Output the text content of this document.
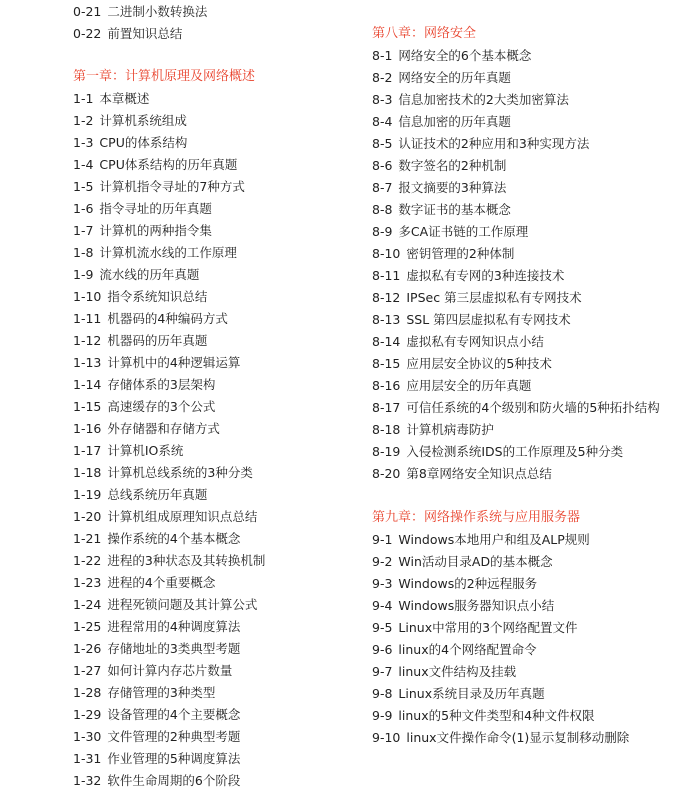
0-21 二进制小数转换法
0-22 前置知识总结
第一章：计算机原理及网络概述
1-1 本章概述
1-2 计算机系统组成
1-3 CPU的体系结构
1-4 CPU体系结构的历年真题
1-5 计算机指令寻址的7种方式
1-6 指令寻址的历年真题
1-7 计算机的两种指令集
1-8 计算机流水线的工作原理
1-9 流水线的历年真题
1-10 指令系统知识总结
1-11 机器码的4种编码方式
1-12 机器码的历年真题
1-13 计算机中的4种逻辑运算
1-14 存储体系的3层架构
1-15 高速缓存的3个公式
1-16 外存储器和存储方式
1-17 计算机IO系统
1-18 计算机总线系统的3种分类
1-19 总线系统历年真题
1-20 计算机组成原理知识点总结
1-21 操作系统的4个基本概念
1-22 进程的3种状态及其转换机制
1-23 进程的4个重要概念
1-24 进程死锁问题及其计算公式
1-25 进程常用的4种调度算法
1-26 存储地址的3类典型考题
1-27 如何计算内存芯片数量
1-28 存储管理的3种类型
1-29 设备管理的4个主要概念
1-30 文件管理的2种典型考题
1-31 作业管理的5种调度算法
1-32 软件生命周期的6个阶段
第八章：网络安全
8-1 网络安全的6个基本概念
8-2 网络安全的历年真题
8-3 信息加密技术的2大类加密算法
8-4 信息加密的历年真题
8-5 认证技术的2种应用和3种实现方法
8-6 数字签名的2种机制
8-7 报文摘要的3种算法
8-8 数字证书的基本概念
8-9 多CA证书链的工作原理
8-10 密钥管理的2种体制
8-11 虚拟私有专网的3种连接技术
8-12 IPSec 第三层虚拟私有专网技术
8-13 SSL 第四层虚拟私有专网技术
8-14 虚拟私有专网知识点小结
8-15 应用层安全协议的5种技术
8-16 应用层安全的历年真题
8-17 可信任系统的4个级别和防火墙的5种拓扑结构
8-18 计算机病毒防护
8-19 入侵检测系统IDS的工作原理及5种分类
8-20 第8章网络安全知识点总结
第九章：网络操作系统与应用服务器
9-1 Windows本地用户和组及ALP规则
9-2 Win活动目录AD的基本概念
9-3 Windows的2种远程服务
9-4 Windows服务器知识点小结
9-5 Linux中常用的3个网络配置文件
9-6 linux的4个网络配置命令
9-7 linux文件结构及挂载
9-8 Linux系统目录及历年真题
9-9 linux的5种文件类型和4种文件权限
9-10 linux文件操作命令(1)显示复制移动删除
